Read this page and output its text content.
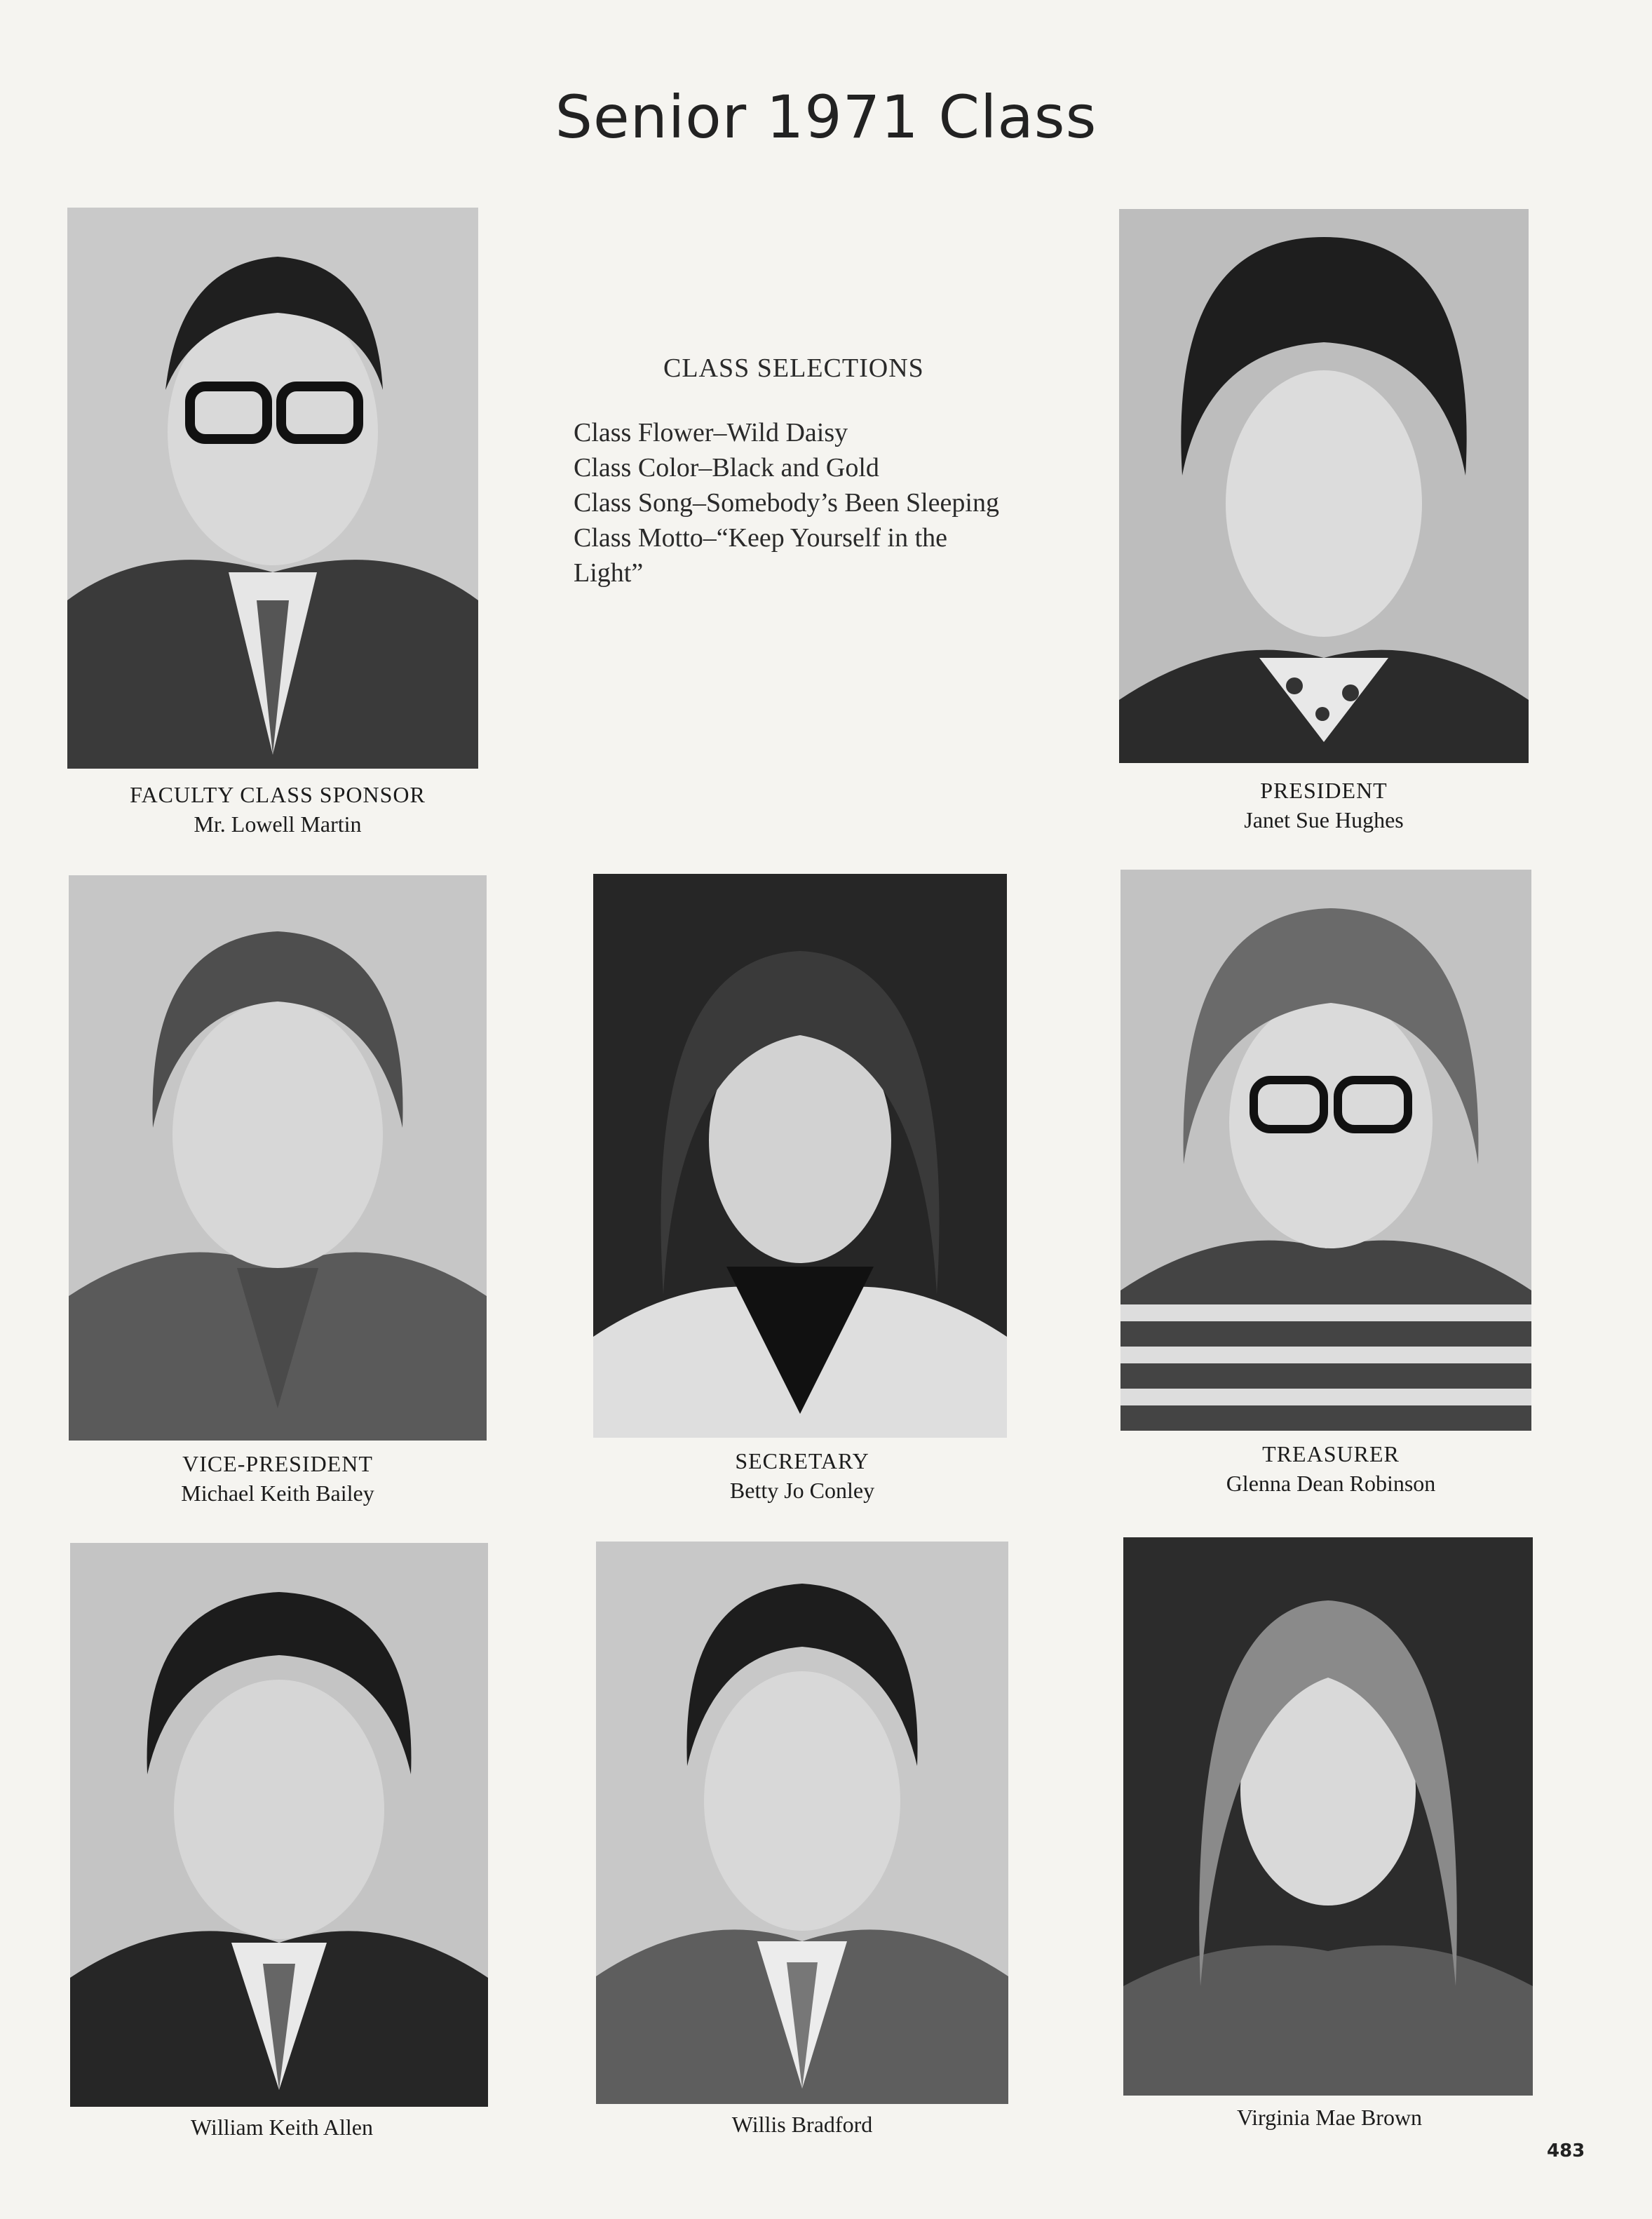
Senior 1971 Class
FACULTY CLASS SPONSOR
Mr. Lowell Martin
CLASS SELECTIONS
Class Flower–Wild Daisy
Class Color–Black and Gold
Class Song–Somebody’s Been Sleeping
Class Motto–“Keep Yourself in the
Light”
PRESIDENT
Janet Sue Hughes
VICE-PRESIDENT
Michael Keith Bailey
SECRETARY
Betty Jo Conley
TREASURER
Glenna Dean Robinson
William Keith Allen	Willis Bradford	Virginia Mae Brown
483
